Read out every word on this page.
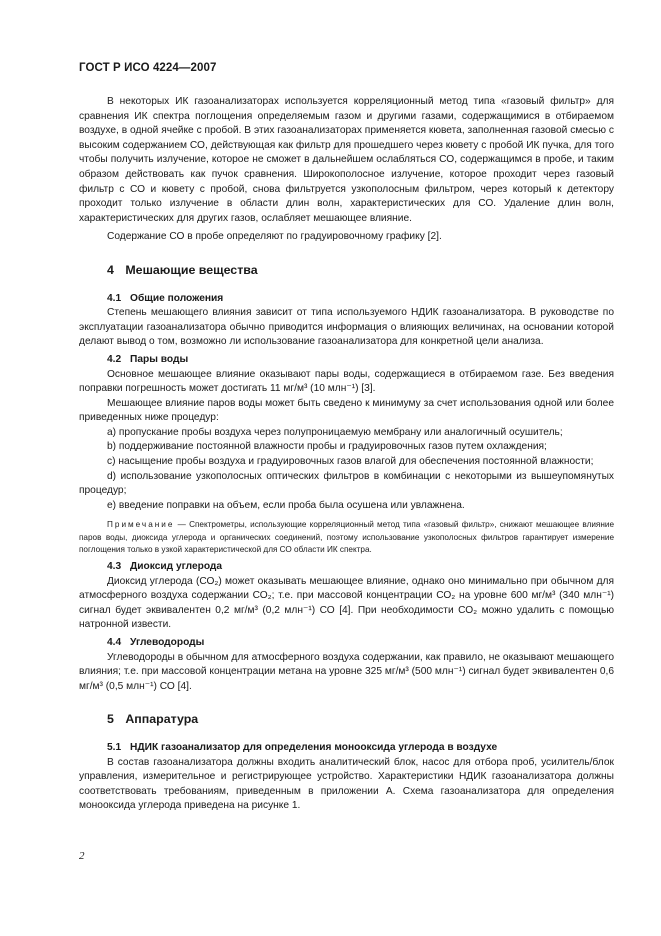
ГОСТ Р ИСО 4224—2007

В некоторых ИК газоанализаторах используется корреляционный метод типа «газовый фильтр» для сравнения ИК спектра поглощения определяемым газом и другими газами, содержащимися в отбираемом воздухе, в одной ячейке с пробой. В этих газоанализаторах применяется кювета, заполненная газовой смесью с высоким содержанием СО, действующая как фильтр для прошедшего через кювету с пробой ИК пучка, для того чтобы получить излучение, которое не сможет в дальнейшем ослабляться СО, содержащимся в пробе, и таким образом действовать как пучок сравнения. Широкополосное излучение, которое проходит через газовый фильтр с СО и кювету с пробой, снова фильтруется узкополосным фильтром, через который к детектору проходит только излучение в области длин волн, характеристических для СО. Удаление длин волн, характеристических для других газов, ослабляет мешающее влияние.

Содержание СО в пробе определяют по градуировочному графику [2].

4 Мешающие вещества
4.1 Общие положения

Степень мешающего влияния зависит от типа используемого НДИК газоанализатора. В руководстве по эксплуатации газоанализатора обычно приводится информация о влияющих величинах, на основании которой делают вывод о том, возможно ли использование газоанализатора для конкретной цели анализа.

4.2 Пары воды

Основное мешающее влияние оказывают пары воды, содержащиеся в отбираемом газе. Без введения поправки погрешность может достигать 11 мг/м³ (10 млн⁻¹) [3].

Мешающее влияние паров воды может быть сведено к минимуму за счет использования одной или более приведенных ниже процедур:

а) пропускание пробы воздуха через полупроницаемую мембрану или аналогичный осушитель;

b) поддерживание постоянной влажности пробы и градуировочных газов путем охлаждения;

с) насыщение пробы воздуха и градуировочных газов влагой для обеспечения постоянной влажности;

d) использование узкополосных оптических фильтров в комбинации с некоторыми из вышеупомянутых процедур;

е) введение поправки на объем, если проба была осушена или увлажнена.

Примечание — Спектрометры, использующие корреляционный метод типа «газовый фильтр», снижают мешающее влияние паров воды, диоксида углерода и органических соединений, поэтому использование узкополосных фильтров гарантирует измерение поглощения только в узкой характеристической для СО области ИК спектра.

4.3 Диоксид углерода

Диоксид углерода (СО₂) может оказывать мешающее влияние, однако оно минимально при обычном для атмосферного воздуха содержании СО₂; т.е. при массовой концентрации СО₂ на уровне 600 мг/м³ (340 млн⁻¹) сигнал будет эквивалентен 0,2 мг/м³ (0,2 млн⁻¹) СО [4]. При необходимости СО₂ можно удалить с помощью натронной извести.

4.4 Углеводороды

Углеводороды в обычном для атмосферного воздуха содержании, как правило, не оказывают мешающего влияния; т.е. при массовой концентрации метана на уровне 325 мг/м³ (500 млн⁻¹) сигнал будет эквивалентен 0,6 мг/м³ (0,5 млн⁻¹) СО [4].

5 Аппаратура
5.1 НДИК газоанализатор для определения монооксида углерода в воздухе

В состав газоанализатора должны входить аналитический блок, насос для отбора проб, усилитель/блок управления, измерительное и регистрирующее устройство. Характеристики НДИК газоанализатора должны соответствовать требованиям, приведенным в приложении А. Схема газоанализатора для определения монооксида углерода приведена на рисунке 1.

2
